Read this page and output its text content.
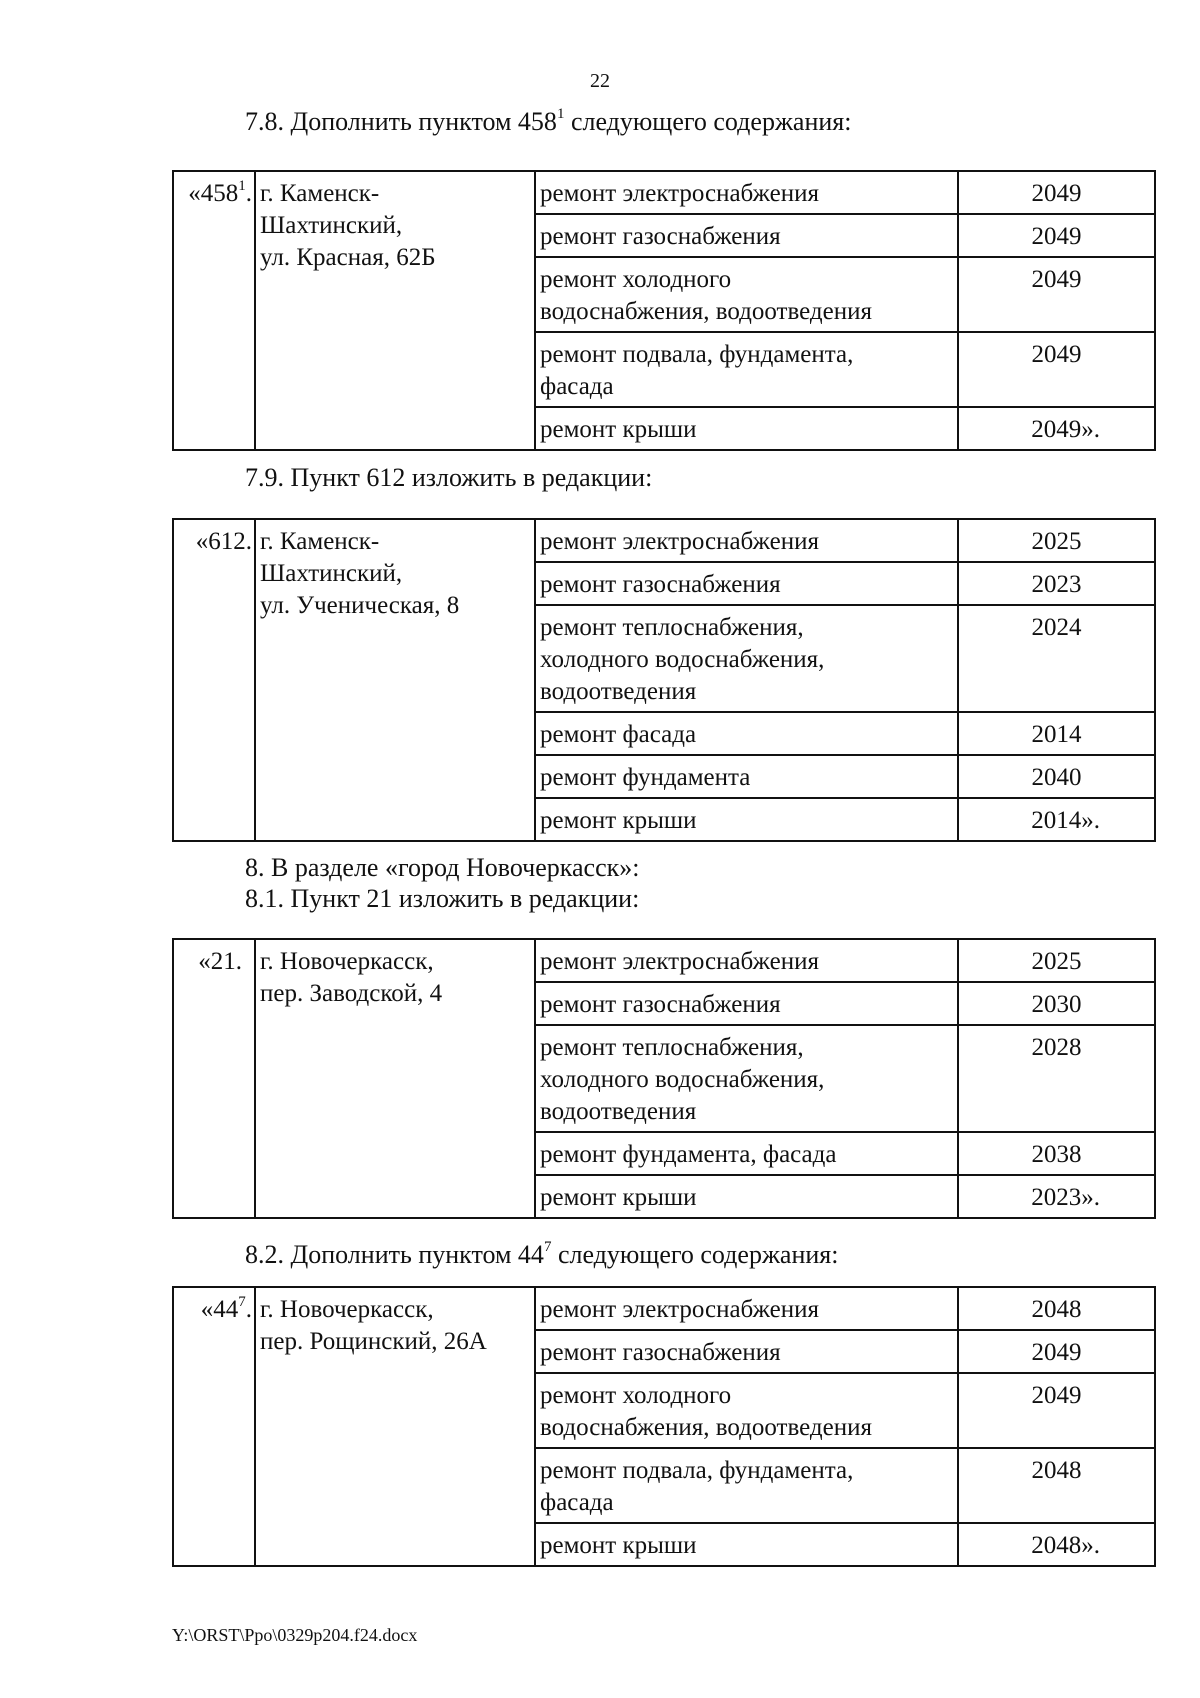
22
7.8. Дополнить пунктом $458^1$ следующего содержания:
«$458^1$.	г. Каменск-
Шахтинский,
ул. Красная, 62Б	ремонт электроснабжения	2049
		ремонт газоснабжения	2049
		ремонт холодного
водоснабжения, водоотведения	2049
		ремонт подвала, фундамента,
фасада	2049
		ремонт крыши	2049».
7.9. Пункт 612 изложить в редакции:
«612.	г. Каменск-
Шахтинский,
ул. Ученическая, 8	ремонт электроснабжения	2025
		ремонт газоснабжения	2023
		ремонт теплоснабжения,
холодного водоснабжения,
водоотведения	2024
		ремонт фасада	2014
		ремонт фундамента	2040
		ремонт крыши	2014».
8. В разделе «город Новочеркасск»:
8.1. Пункт 21 изложить в редакции:
«21.	г. Новочеркасск,
пер. Заводской, 4	ремонт электроснабжения	2025
		ремонт газоснабжения	2030
		ремонт теплоснабжения,
холодного водоснабжения,
водоотведения	2028
		ремонт фундамента, фасада	2038
		ремонт крыши	2023».
8.2. Дополнить пунктом $44^7$ следующего содержания:
«$44^7$.	г. Новочеркасск,
пер. Рощинский, 26А	ремонт электроснабжения	2048
		ремонт газоснабжения	2049
		ремонт холодного
водоснабжения, водоотведения	2049
		ремонт подвала, фундамента,
фасада	2048
		ремонт крыши	2048».
Y:\ORST\Ppo\0329p204.f24.docx
